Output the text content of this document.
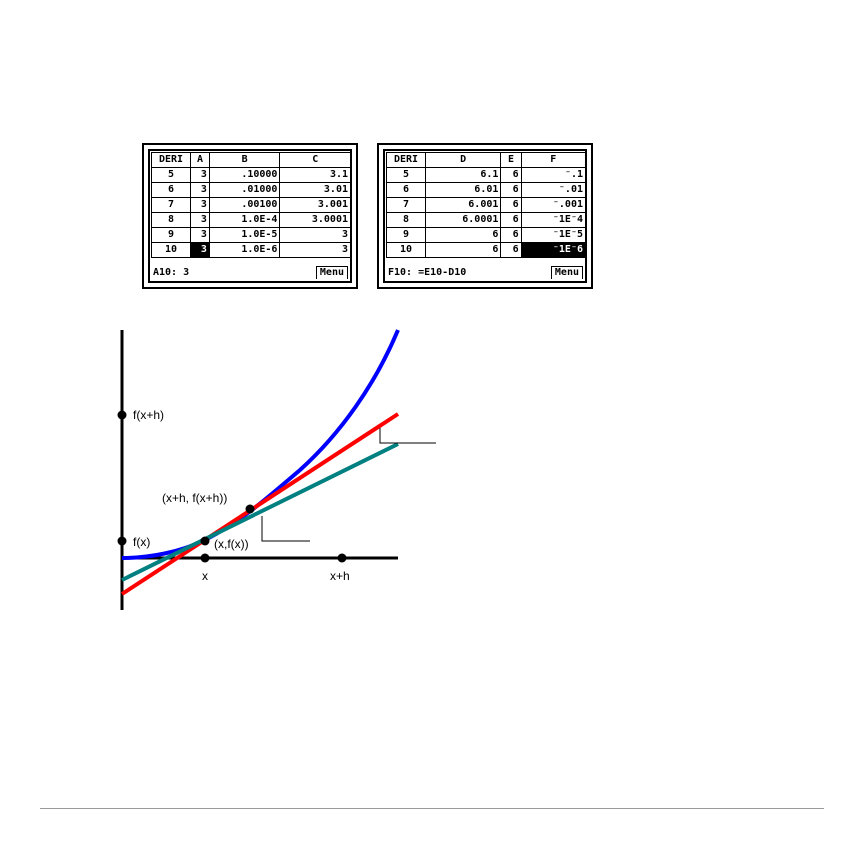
DERI	A	B	C
5	3	.10000	3.1
6	3	.01000	3.01
7	3	.00100	3.001
8	3	1.0E-4	3.0001
9	3	1.0E-5	3
10	3	1.0E-6	3
A10: 3	Menu
DERI	D	E	F
5	6.1	6	⁻.1
6	6.01	6	⁻.01
7	6.001	6	⁻.001
8	6.0001	6	⁻1E⁻4
9	6	6	⁻1E⁻5
10	6	6	⁻1E⁻6
F10: =E10-D10	Menu
f(x+h)
f(x)
x	x+h
(x,f(x))
(x+h, f(x+h))
